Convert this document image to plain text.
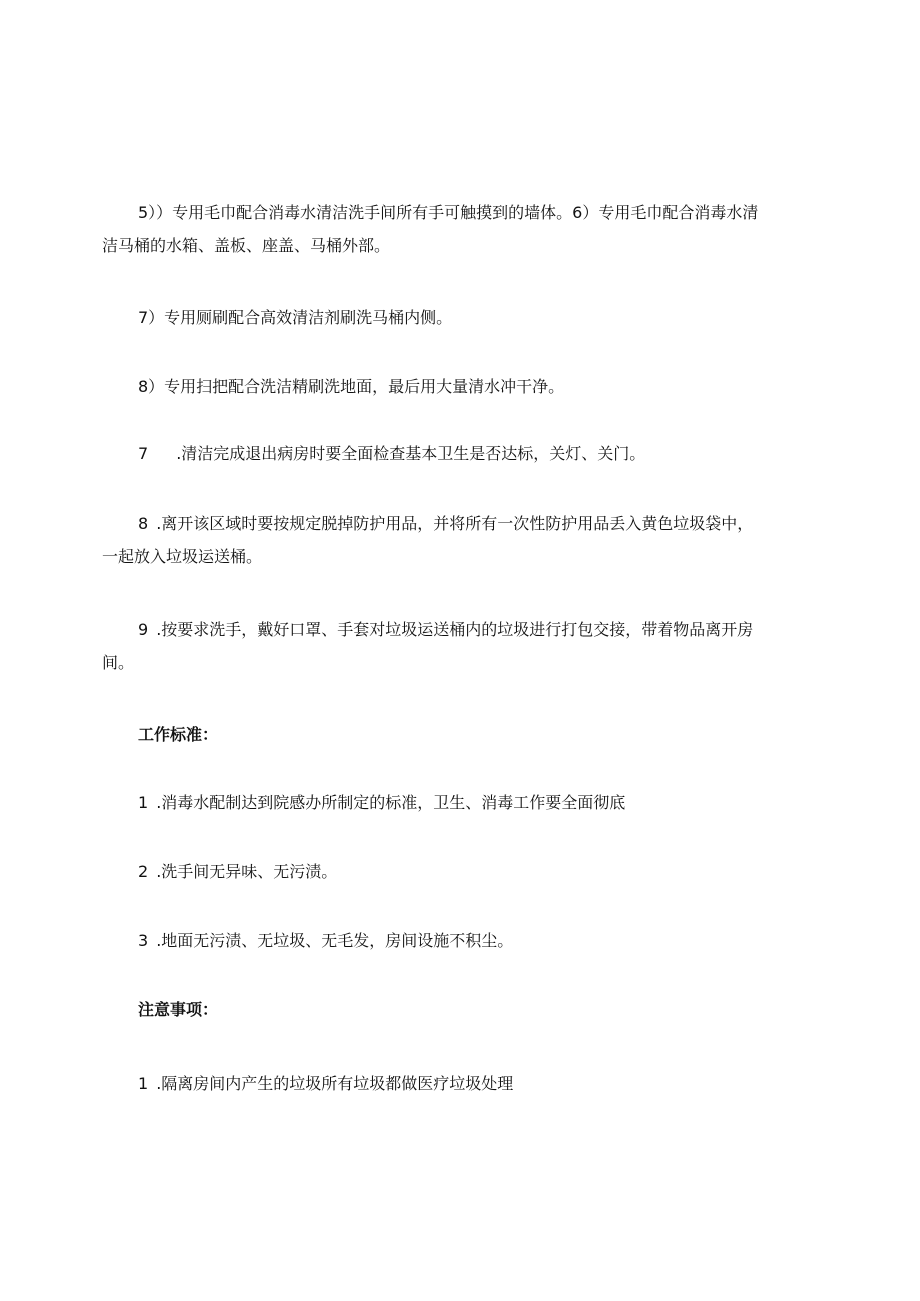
5））专用毛巾配合消毒水清洁洗手间所有手可触摸到的墙体。6）专用毛巾配合消毒水清
洁马桶的水箱、盖板、座盖、马桶外部。

7）专用厕刷配合高效清洁剂刷洗马桶内侧。

8）专用扫把配合洗洁精刷洗地面，最后用大量清水冲干净。

7 .清洁完成退出病房时要全面检查基本卫生是否达标，关灯、关门。

8 .离开该区域时要按规定脱掉防护用品，并将所有一次性防护用品丢入黄色垃圾袋中，
一起放入垃圾运送桶。

9 .按要求洗手，戴好口罩、手套对垃圾运送桶内的垃圾进行打包交接，带着物品离开房
间。

工作标准：

1 .消毒水配制达到院感办所制定的标准，卫生、消毒工作要全面彻底

2 .洗手间无异味、无污渍。

3 .地面无污渍、无垃圾、无毛发，房间设施不积尘。

注意事项：

1 .隔离房间内产生的垃圾所有垃圾都做医疗垃圾处理
